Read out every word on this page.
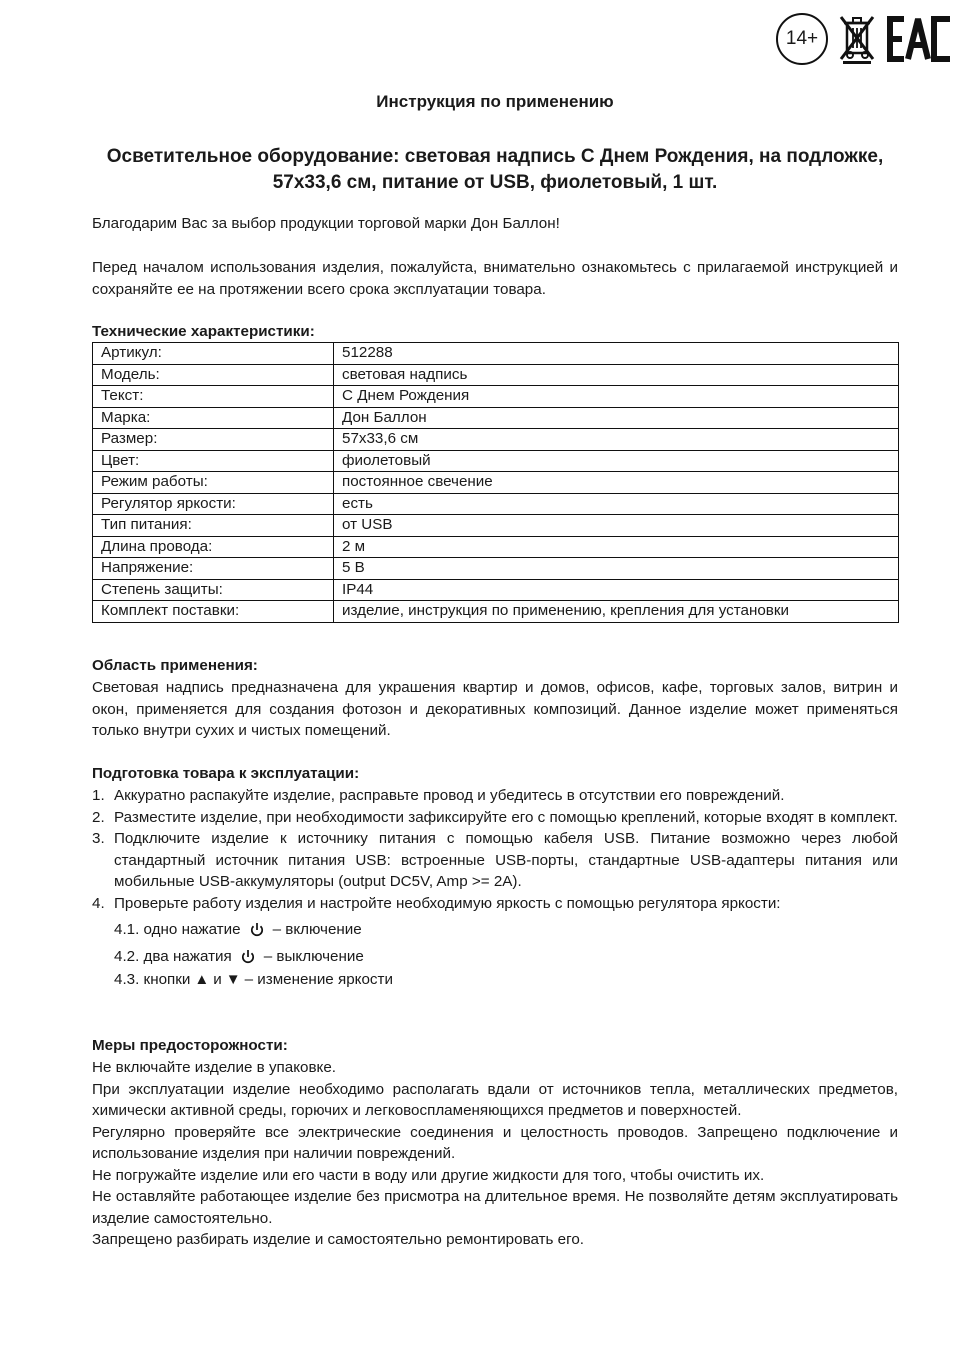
14+
Инструкция по применению
Осветительное оборудование: световая надпись С Днем Рождения, на подложке,
57х33,6 см, питание от USB, фиолетовый, 1 шт.

Благодарим Вас за выбор продукции торговой марки Дон Баллон!

Перед началом использования изделия, пожалуйста, внимательно ознакомьтесь с прилагаемой инструкцией и сохраняйте ее на протяжении всего срока эксплуатации товара.

Технические характеристики:

Артикул:	512288
Модель:	световая надпись
Текст:	С Днем Рождения
Марка:	Дон Баллон
Размер:	57х33,6 см
Цвет:	фиолетовый
Режим работы:	постоянное свечение
Регулятор яркости:	есть
Тип питания:	от USB
Длина провода:	2 м
Напряжение:	5 В
Степень защиты:	IP44
Комплект поставки:	изделие, инструкция по применению, крепления для установки

Область применения:

Световая надпись предназначена для украшения квартир и домов, офисов, кафе, торговых залов, витрин и окон, применяется для создания фотозон и декоративных композиций. Данное изделие может применяться только внутри сухих и чистых помещений.

Подготовка товара к эксплуатации:

1. Аккуратно распакуйте изделие, расправьте провод и убедитесь в отсутствии его повреждений.
2. Разместите изделие, при необходимости зафиксируйте его с помощью креплений, которые входят в комплект.
3. Подключите изделие к источнику питания с помощью кабеля USB. Питание возможно через любой стандартный источник питания USB: встроенные USB-порты, стандартные USB-адаптеры питания или мобильные USB-аккумуляторы (output DC5V, Amp >= 2A).
4. Проверьте работу изделия и настройте необходимую яркость с помощью регулятора яркости:
4.1. одно нажатие – включение
4.2. два нажатия – выключение
4.3. кнопки ▲ и ▼ – изменение яркости

Меры предосторожности:

Не включайте изделие в упаковке.

При эксплуатации изделие необходимо располагать вдали от источников тепла, металлических предметов, химически активной среды, горючих и легковоспламеняющихся предметов и поверхностей.

Регулярно проверяйте все электрические соединения и целостность проводов. Запрещено подключение и использование изделия при наличии повреждений.

Не погружайте изделие или его части в воду или другие жидкости для того, чтобы очистить их.

Не оставляйте работающее изделие без присмотра на длительное время. Не позволяйте детям эксплуатировать изделие самостоятельно.

Запрещено разбирать изделие и самостоятельно ремонтировать его.
